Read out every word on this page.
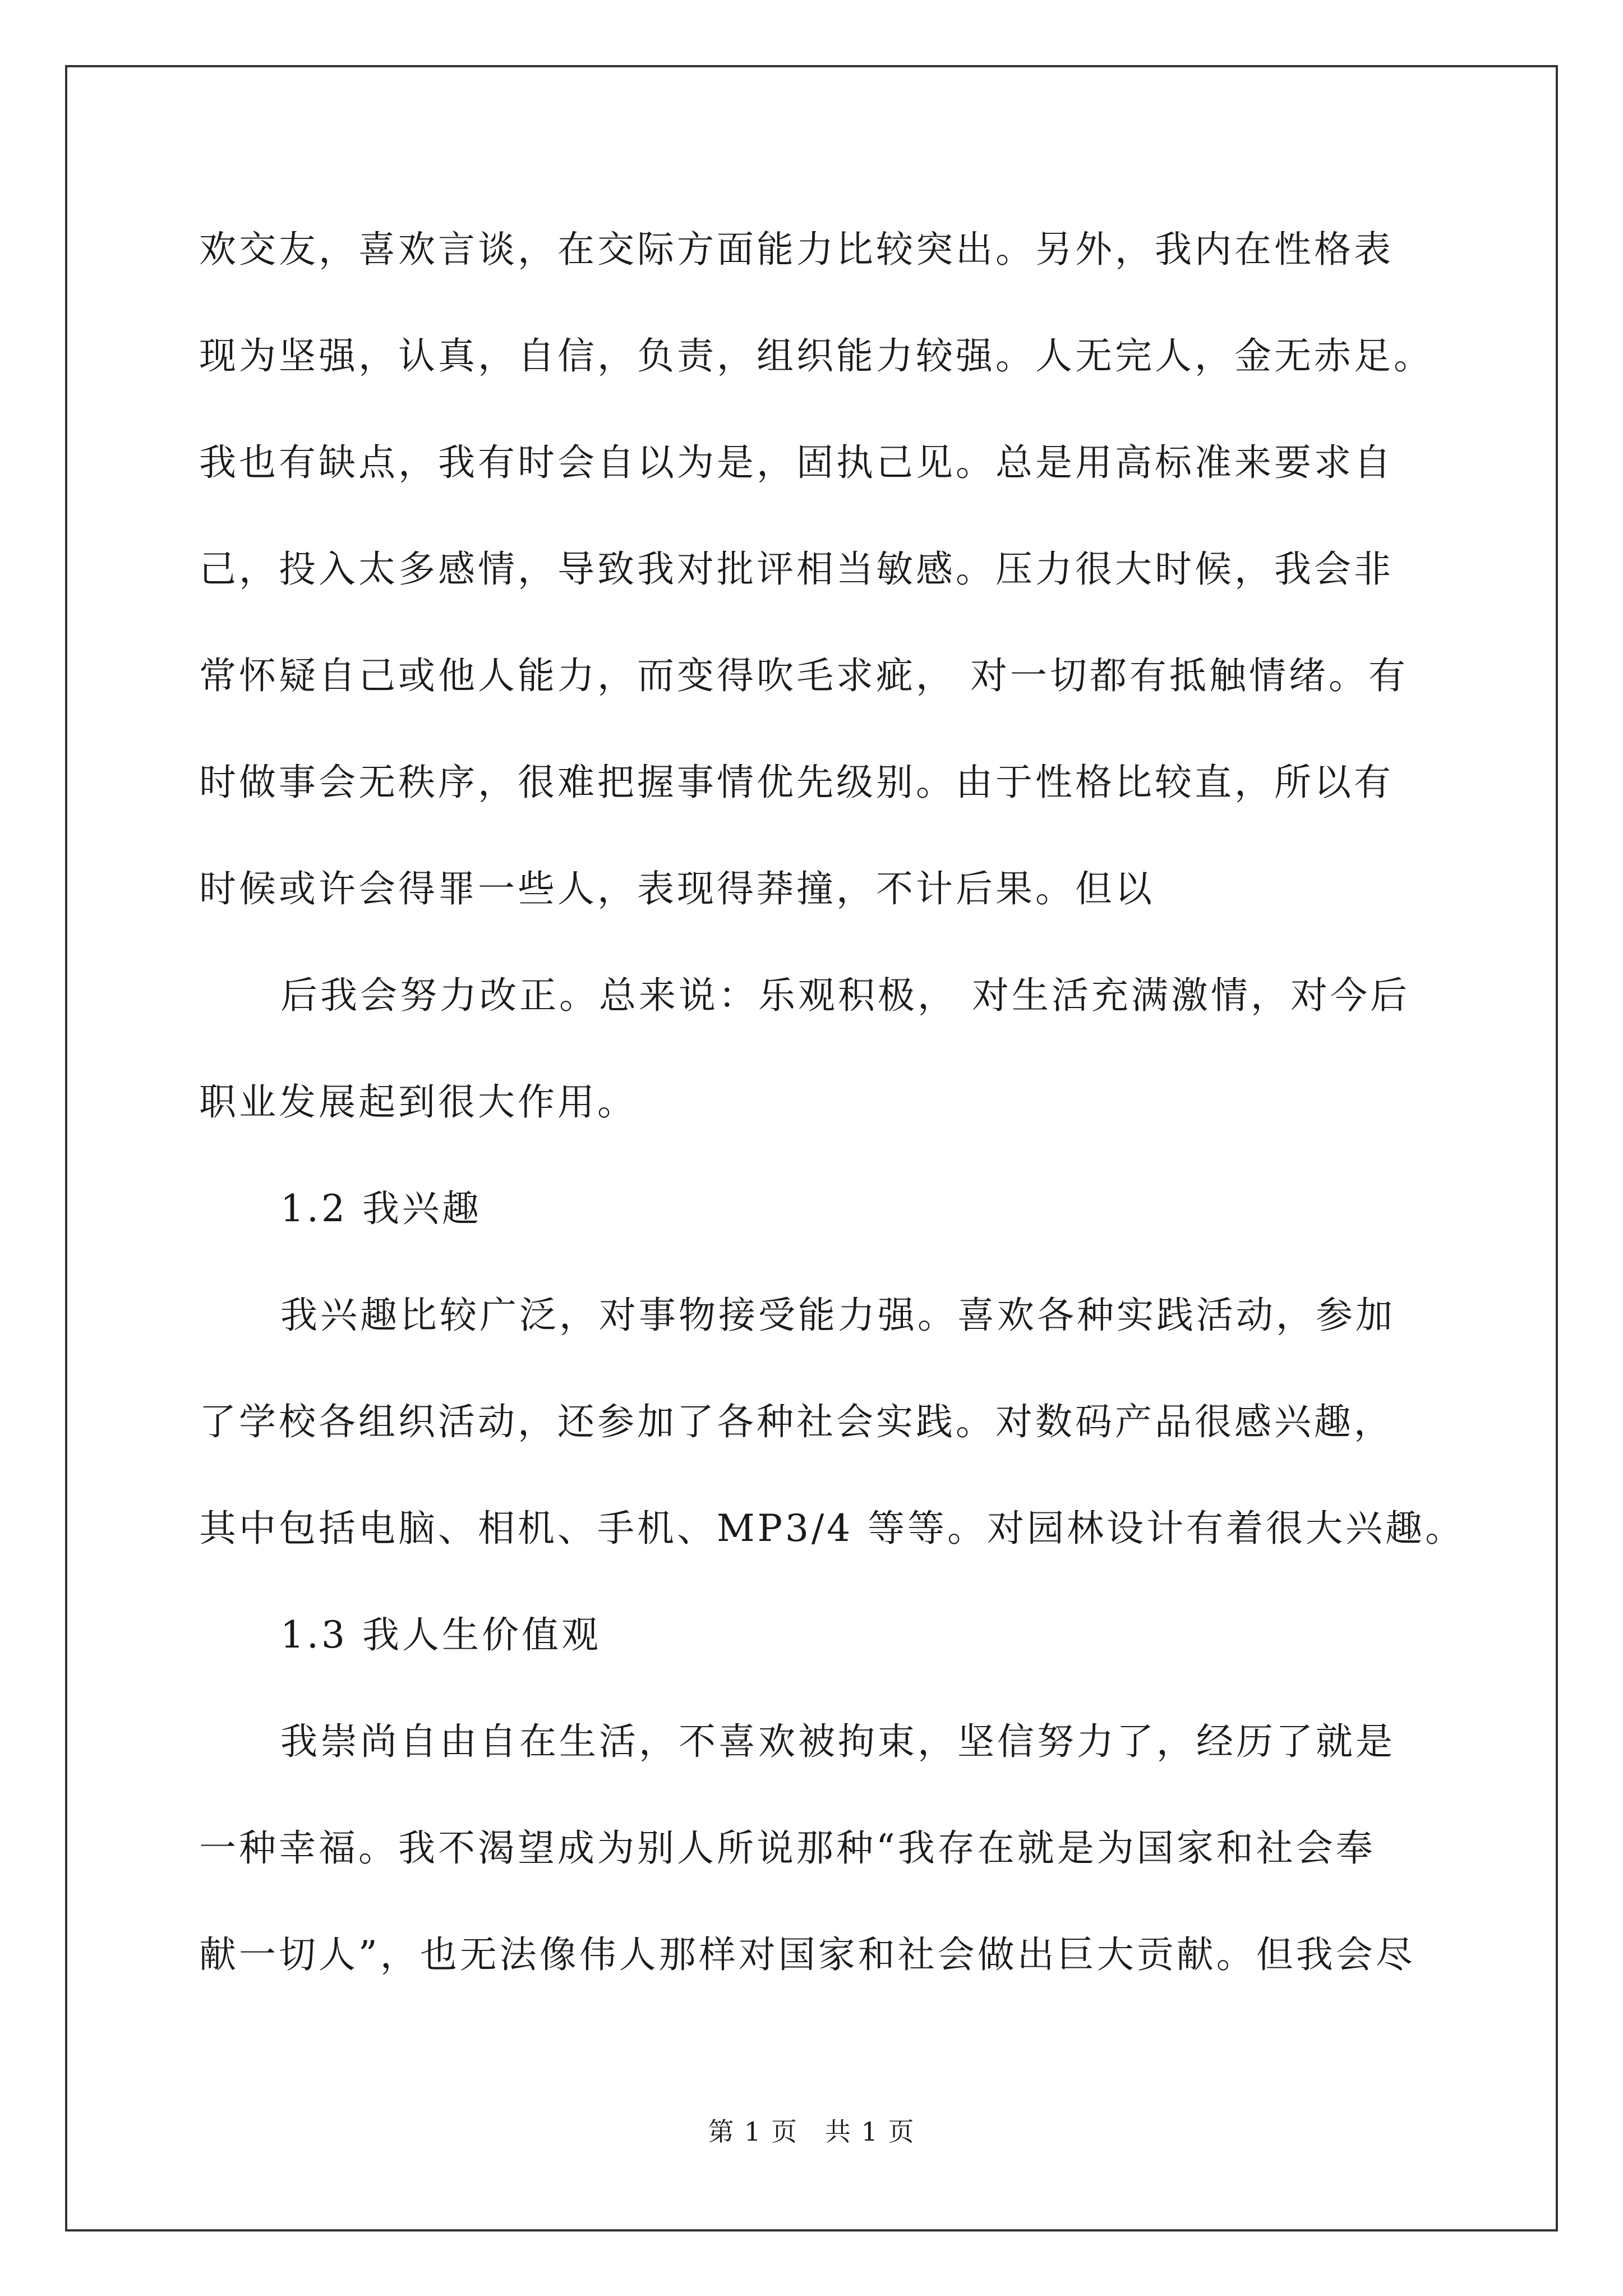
欢交友，喜欢言谈，在交际方面能力比较突出。另外，我内在性格表
现为坚强，认真，自信，负责，组织能力较强。人无完人，金无赤足。
我也有缺点，我有时会自以为是，固执己见。总是用高标准来要求自
己，投入太多感情，导致我对批评相当敏感。压力很大时候，我会非
常怀疑自己或他人能力，而变得吹毛求疵， 对一切都有抵触情绪。有
时做事会无秩序，很难把握事情优先级别。由于性格比较直，所以有
时候或许会得罪一些人，表现得莽撞，不计后果。但以
后我会努力改正。总来说：乐观积极， 对生活充满激情，对今后
职业发展起到很大作用。
1.2 我兴趣
我兴趣比较广泛，对事物接受能力强。喜欢各种实践活动，参加
了学校各组织活动，还参加了各种社会实践。对数码产品很感兴趣，
其中包括电脑、相机、手机、MP3/4 等等。对园林设计有着很大兴趣。
1.3 我人生价值观
我崇尚自由自在生活，不喜欢被拘束，坚信努力了，经历了就是
一种幸福。我不渴望成为别人所说那种“我存在就是为国家和社会奉
献一切人”，也无法像伟人那样对国家和社会做出巨大贡献。但我会尽
第 1 页　共 1 页
